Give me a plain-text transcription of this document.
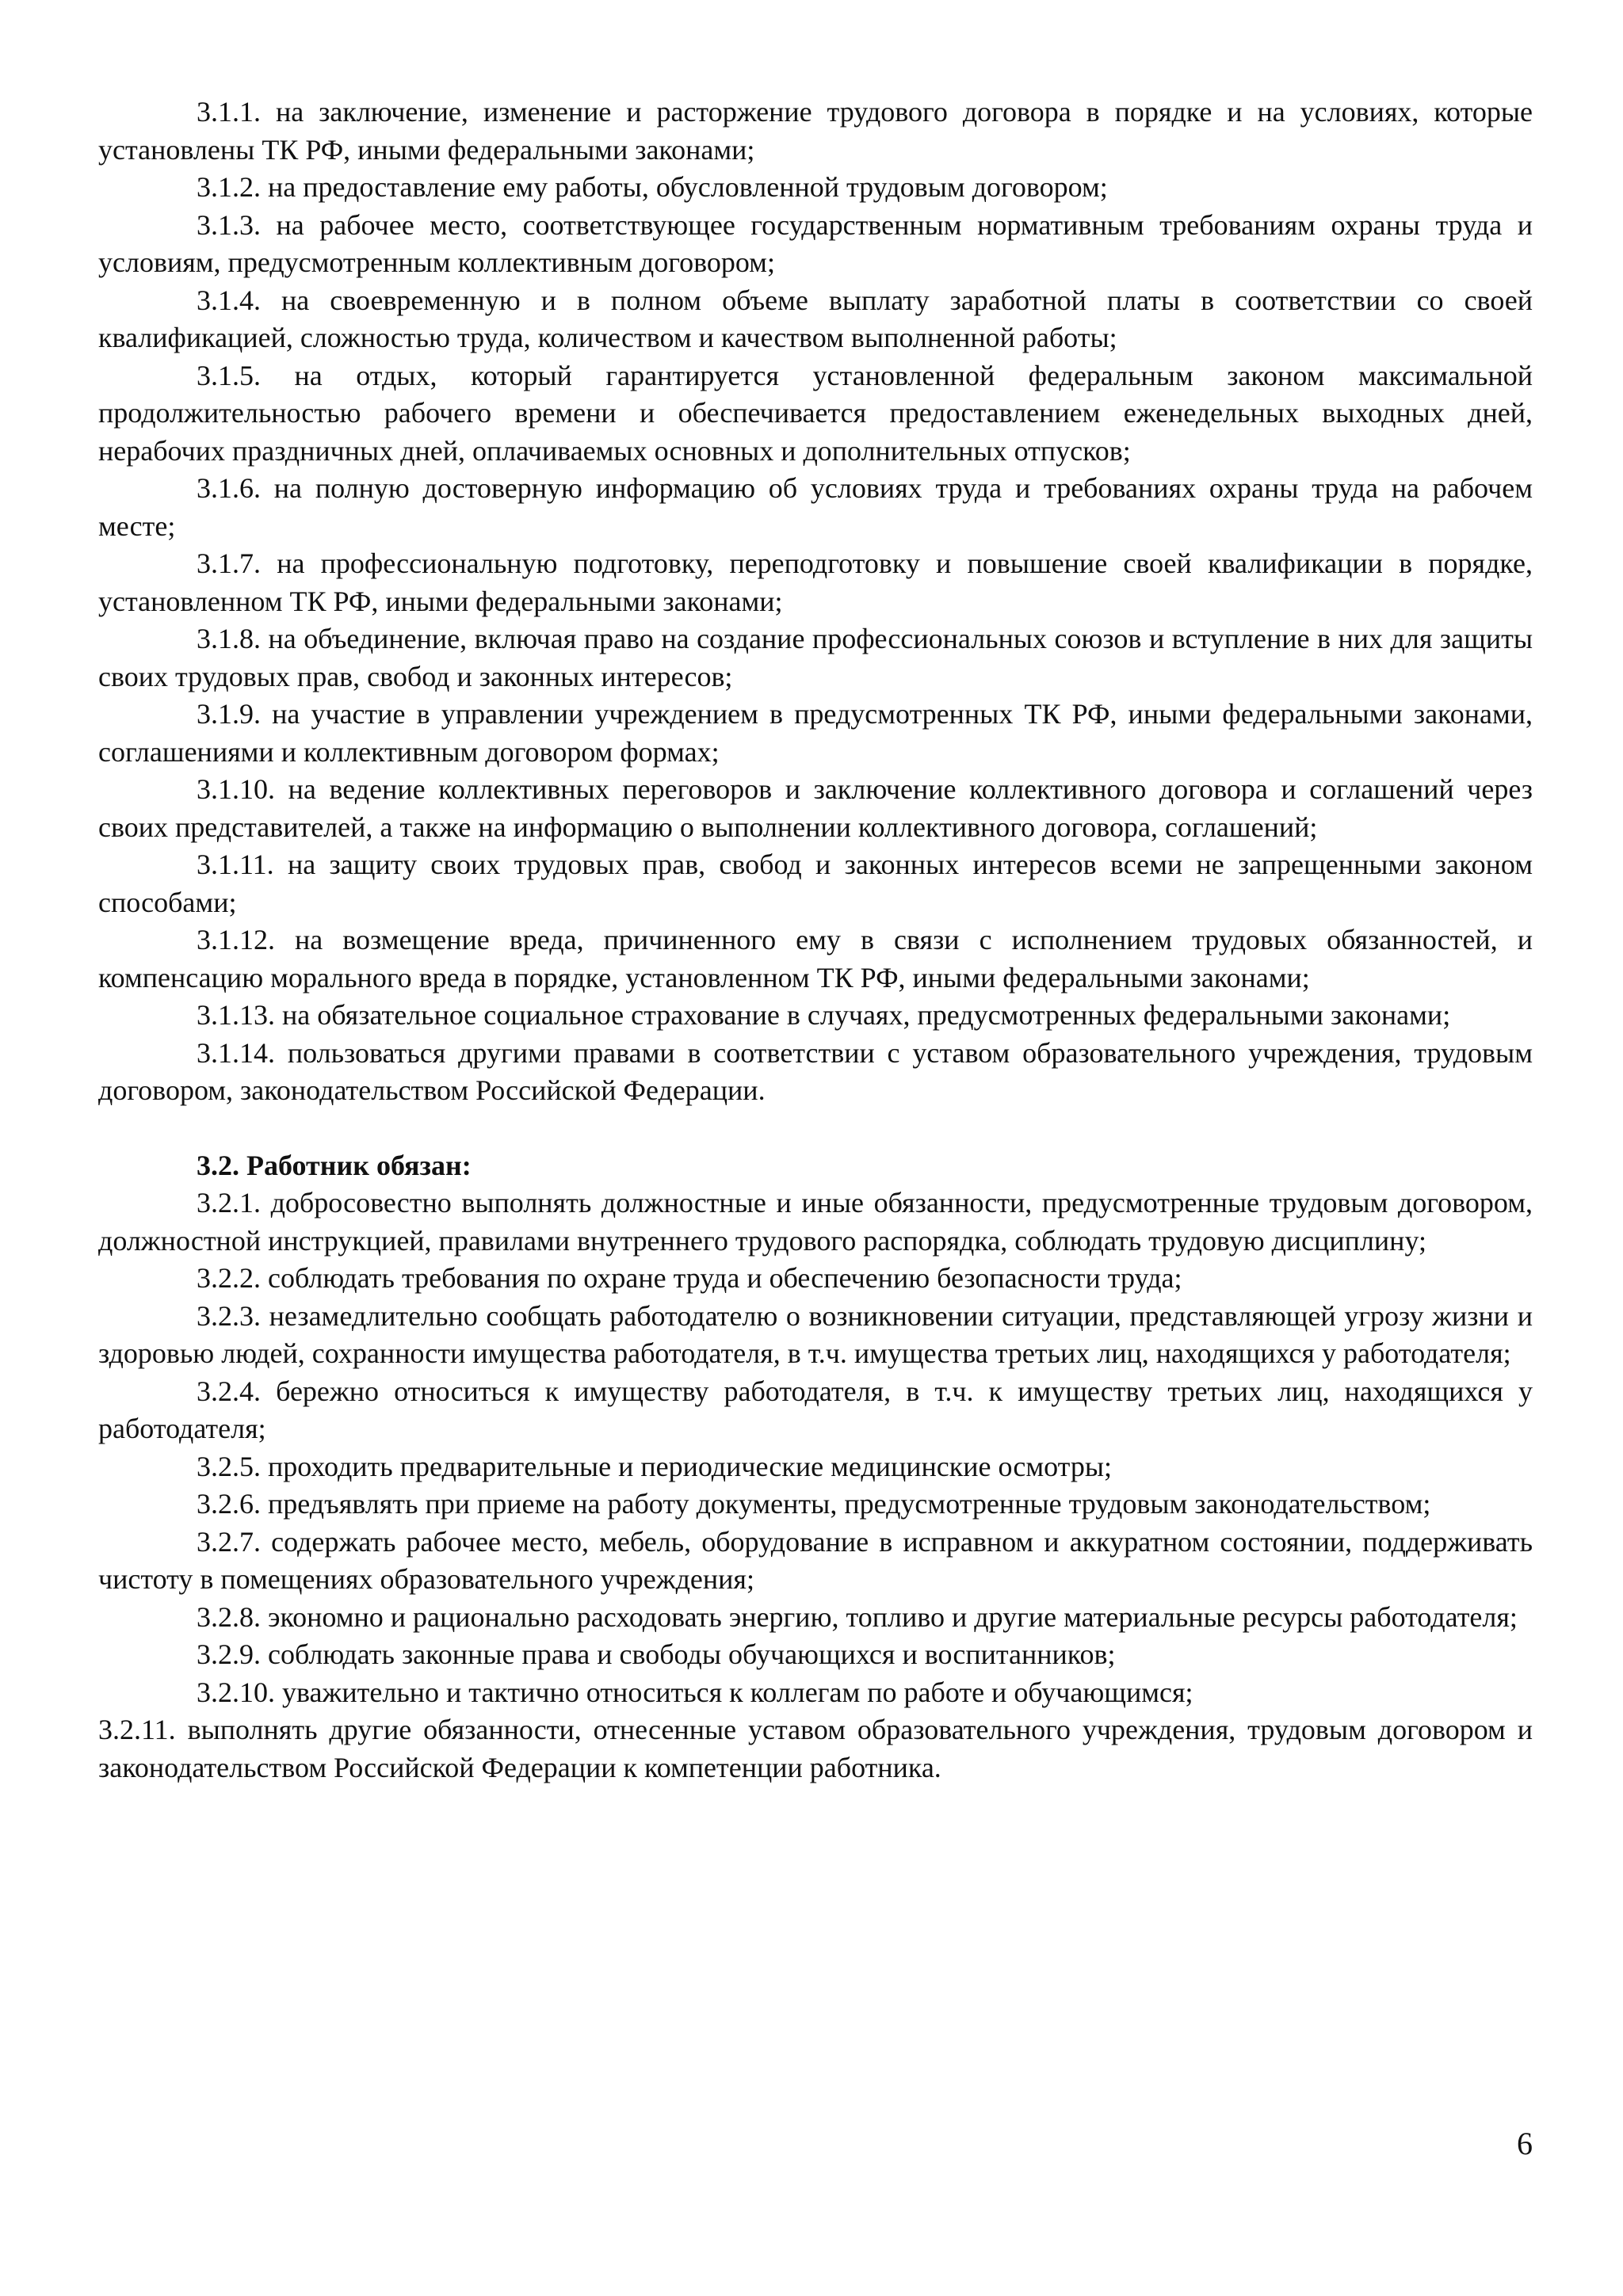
3.1.1. на заключение, изменение и расторжение трудового договора в порядке и на условиях, которые установлены ТК РФ, иными федеральными законами;

3.1.2. на предоставление ему работы, обусловленной трудовым договором;

3.1.3. на рабочее место, соответствующее государственным нормативным требованиям охраны труда и условиям, предусмотренным коллективным договором;

3.1.4. на своевременную и в полном объеме выплату заработной платы в соответствии со своей квалификацией, сложностью труда, количеством и качеством выполненной работы;

3.1.5. на отдых, который гарантируется установленной федеральным законом максимальной продолжительностью рабочего времени и обеспечивается предоставлением еженедельных выходных дней, нерабочих праздничных дней, оплачиваемых основных и дополнительных отпусков;

3.1.6. на полную достоверную информацию об условиях труда и требованиях охраны труда на рабочем месте;

3.1.7. на профессиональную подготовку, переподготовку и повышение своей квалификации в порядке, установленном ТК РФ, иными федеральными законами;

3.1.8. на объединение, включая право на создание профессиональных союзов и вступление в них для защиты своих трудовых прав, свобод и законных интересов;

3.1.9. на участие в управлении учреждением в предусмотренных ТК РФ, иными федеральными законами, соглашениями и коллективным договором формах;

3.1.10. на ведение коллективных переговоров и заключение коллективного договора и соглашений через своих представителей, а также на информацию о выполнении коллективного договора, соглашений;

3.1.11. на защиту своих трудовых прав, свобод и законных интересов всеми не запрещенными законом способами;

3.1.12. на возмещение вреда, причиненного ему в связи с исполнением трудовых обязанностей, и компенсацию морального вреда в порядке, установленном ТК РФ, иными федеральными законами;

3.1.13. на обязательное социальное страхование в случаях, предусмотренных федеральными законами;

3.1.14. пользоваться другими правами в соответствии с уставом образовательного учреждения, трудовым договором, законодательством Российской Федерации.

3.2. Работник обязан:

3.2.1. добросовестно выполнять должностные и иные обязанности, предусмотренные трудовым договором, должностной инструкцией, правилами внутреннего трудового распорядка, соблюдать трудовую дисциплину;

3.2.2. соблюдать требования по охране труда и обеспечению безопасности труда;

3.2.3. незамедлительно сообщать работодателю о возникновении ситуации, представляющей угрозу жизни и здоровью людей, сохранности имущества работодателя, в т.ч. имущества третьих лиц, находящихся у работодателя;

3.2.4. бережно относиться к имуществу работодателя, в т.ч. к имуществу третьих лиц, находящихся у работодателя;

3.2.5. проходить предварительные и периодические медицинские осмотры;

3.2.6. предъявлять при приеме на работу документы, предусмотренные трудовым законодательством;

3.2.7. содержать рабочее место, мебель, оборудование в исправном и аккуратном состоянии, поддерживать чистоту в помещениях образовательного учреждения;

3.2.8. экономно и рационально расходовать энергию, топливо и другие материальные ресурсы работодателя;

3.2.9. соблюдать законные права и свободы обучающихся и воспитанников;

3.2.10. уважительно и тактично относиться к коллегам по работе и обучающимся;

3.2.11. выполнять другие обязанности, отнесенные уставом образовательного учреждения, трудовым договором и законодательством Российской Федерации к компетенции работника.

6
